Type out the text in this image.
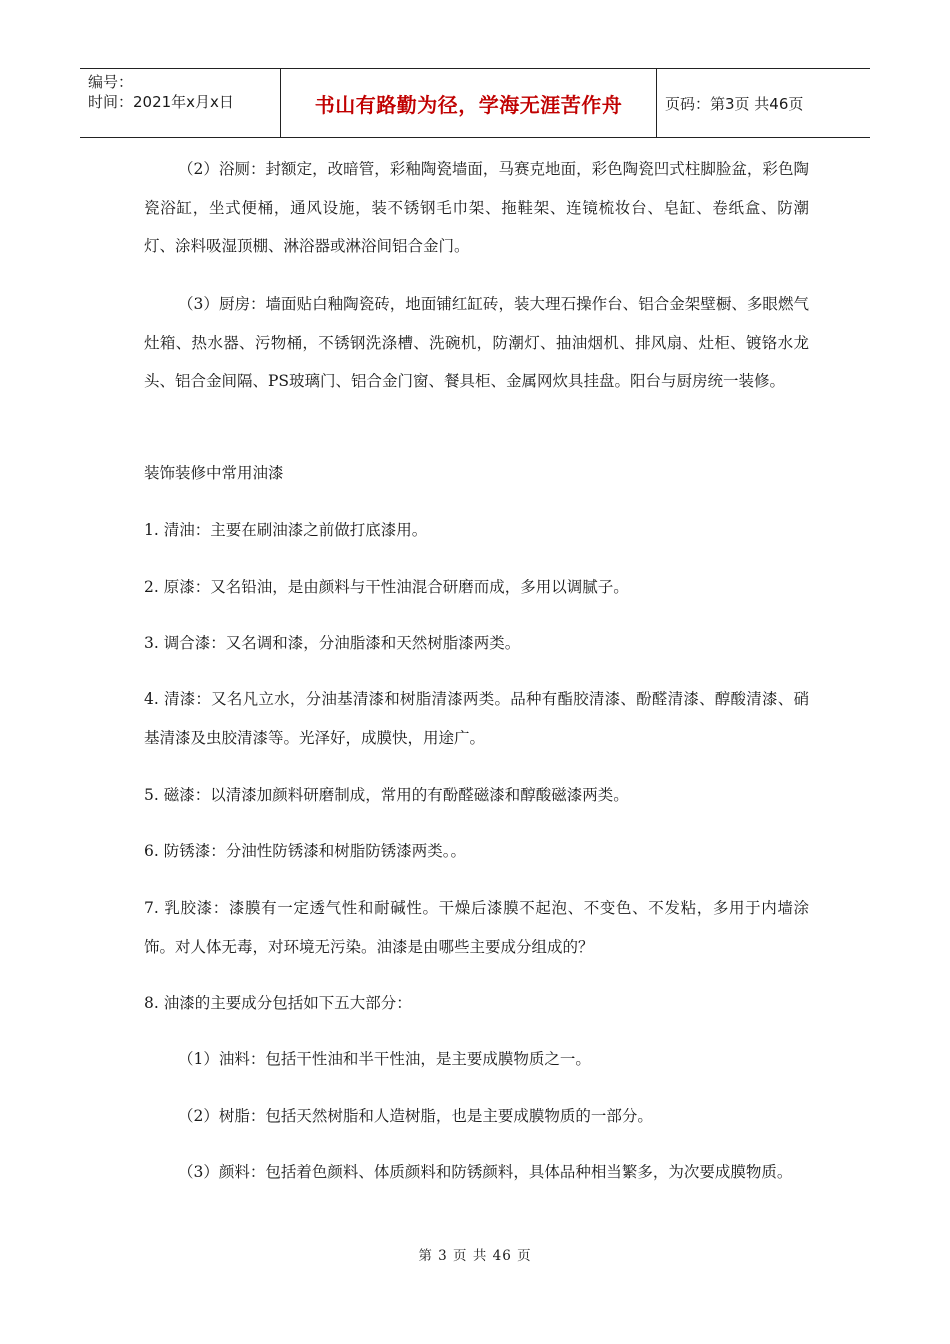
编号：
时间：2021年x月x日	书山有路勤为径，学海无涯苦作舟	页码：第3页 共46页

（2）浴厕：封额定，改暗管，彩釉陶瓷墙面，马赛克地面，彩色陶瓷凹式柱脚脸盆，彩色陶瓷浴缸，坐式便桶，通风设施，装不锈钢毛巾架、拖鞋架、连镜梳妆台、皂缸、卷纸盒、防潮灯、涂料吸湿顶棚、淋浴器或淋浴间铝合金门。

（3）厨房：墙面贴白釉陶瓷砖，地面铺红缸砖，装大理石操作台、铝合金架壁橱、多眼燃气灶箱、热水器、污物桶，不锈钢洗涤槽、洗碗机，防潮灯、抽油烟机、排风扇、灶柜、镀铬水龙头、铝合金间隔、PS玻璃门、铝合金门窗、餐具柜、金属网炊具挂盘。阳台与厨房统一装修。

装饰装修中常用油漆

1. 清油：主要在刷油漆之前做打底漆用。

2. 原漆：又名铅油，是由颜料与干性油混合研磨而成，多用以调腻子。

3. 调合漆：又名调和漆，分油脂漆和天然树脂漆两类。

4. 清漆：又名凡立水，分油基清漆和树脂清漆两类。品种有酯胶清漆、酚醛清漆、醇酸清漆、硝基清漆及虫胶清漆等。光泽好，成膜快，用途广。

5. 磁漆：以清漆加颜料研磨制成，常用的有酚醛磁漆和醇酸磁漆两类。

6. 防锈漆：分油性防锈漆和树脂防锈漆两类。。

7. 乳胶漆：漆膜有一定透气性和耐碱性。干燥后漆膜不起泡、不变色、不发粘，多用于内墙涂饰。对人体无毒，对环境无污染。油漆是由哪些主要成分组成的？

8. 油漆的主要成分包括如下五大部分：

（1）油料：包括干性油和半干性油，是主要成膜物质之一。

（2）树脂：包括天然树脂和人造树脂，也是主要成膜物质的一部分。

（3）颜料：包括着色颜料、体质颜料和防锈颜料，具体品种相当繁多，为次要成膜物质。

第 3 页 共 46 页
